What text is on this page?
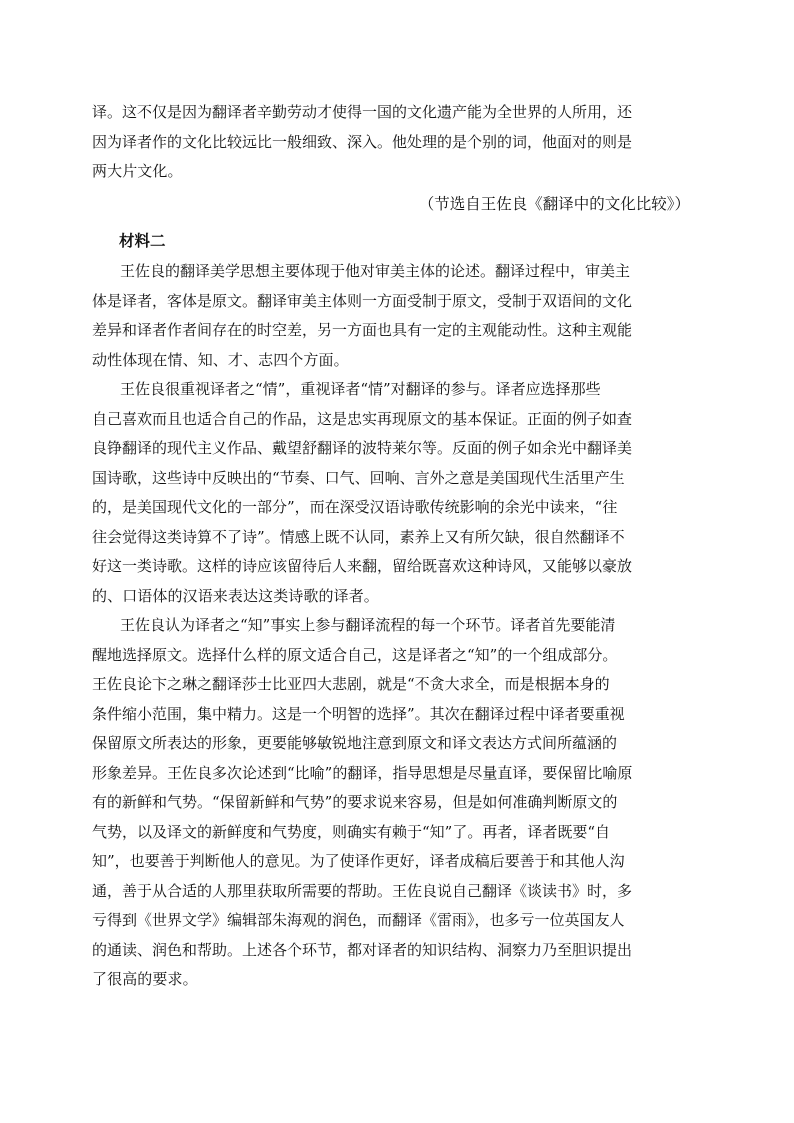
译。这不仅是因为翻译者辛勤劳动才使得一国的文化遗产能为全世界的人所用，还
因为译者作的文化比较远比一般细致、深入。他处理的是个别的词，他面对的则是
两大片文化。
（节选自王佐良《翻译中的文化比较》）
材料二
王佐良的翻译美学思想主要体现于他对审美主体的论述。翻译过程中，审美主
体是译者，客体是原文。翻译审美主体则一方面受制于原文，受制于双语间的文化
差异和译者作者间存在的时空差，另一方面也具有一定的主观能动性。这种主观能
动性体现在情、知、才、志四个方面。
王佐良很重视译者之“情”，重视译者“情”对翻译的参与。译者应选择那些
自己喜欢而且也适合自己的作品，这是忠实再现原文的基本保证。正面的例子如查
良铮翻译的现代主义作品、戴望舒翻译的波特莱尔等。反面的例子如余光中翻译美
国诗歌，这些诗中反映出的“节奏、口气、回响、言外之意是美国现代生活里产生
的，是美国现代文化的一部分”，而在深受汉语诗歌传统影响的余光中读来，“往
往会觉得这类诗算不了诗”。情感上既不认同，素养上又有所欠缺，很自然翻译不
好这一类诗歌。这样的诗应该留待后人来翻，留给既喜欢这种诗风，又能够以豪放
的、口语体的汉语来表达这类诗歌的译者。
王佐良认为译者之“知”事实上参与翻译流程的每一个环节。译者首先要能清
醒地选择原文。选择什么样的原文适合自己，这是译者之“知”的一个组成部分。
王佐良论卞之琳之翻译莎士比亚四大悲剧，就是“不贪大求全，而是根据本身的
条件缩小范围，集中精力。这是一个明智的选择”。其次在翻译过程中译者要重视
保留原文所表达的形象，更要能够敏锐地注意到原文和译文表达方式间所蕴涵的
形象差异。王佐良多次论述到“比喻”的翻译，指导思想是尽量直译，要保留比喻原
有的新鲜和气势。“保留新鲜和气势”的要求说来容易，但是如何准确判断原文的
气势，以及译文的新鲜度和气势度，则确实有赖于“知”了。再者，译者既要“自
知”，也要善于判断他人的意见。为了使译作更好，译者成稿后要善于和其他人沟
通，善于从合适的人那里获取所需要的帮助。王佐良说自己翻译《谈读书》时，多
亏得到《世界文学》编辑部朱海观的润色，而翻译《雷雨》，也多亏一位英国友人
的通读、润色和帮助。上述各个环节，都对译者的知识结构、洞察力乃至胆识提出
了很高的要求。
